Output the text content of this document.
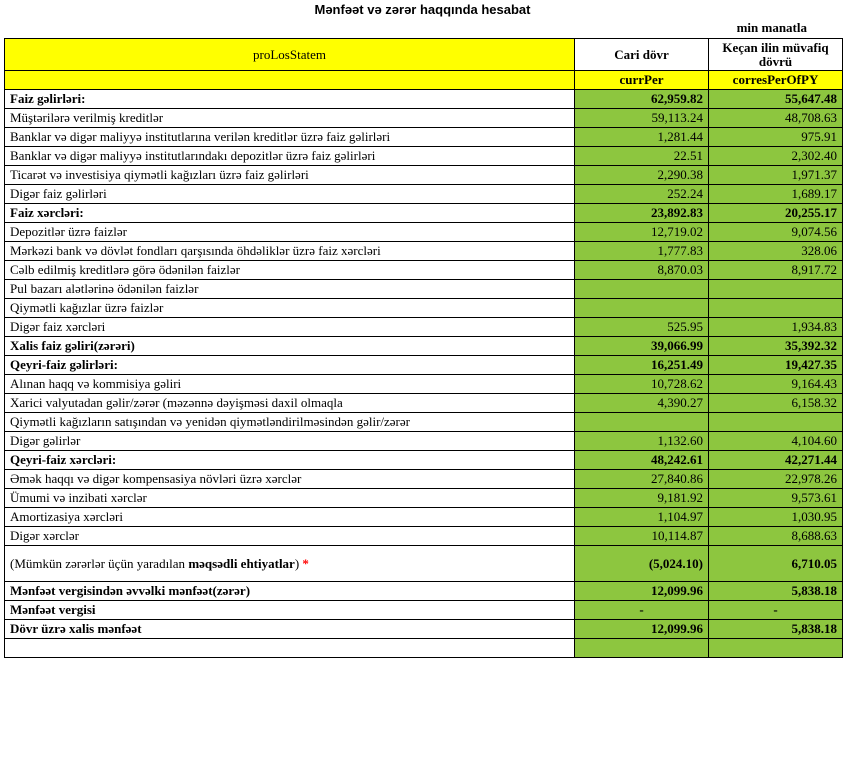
Mənfəət və zərər haqqında hesabat
min manatla
proLosStatem	Cari dövr	Keçan ilin müvafiq dövrü
	currPer	corresPerOfPY
Faiz gəlirləri:	62,959.82	55,647.48
Müştərilərə verilmiş kreditlər	59,113.24	48,708.63
Banklar və digər maliyyə institutlarına verilən kreditlər üzrə faiz gəlirləri	1,281.44	975.91
Banklar və digər maliyyə institutlarındakı depozitlər üzrə faiz gəlirləri	22.51	2,302.40
Ticarət və investisiya qiymətli kağızları üzrə faiz gəlirləri	2,290.38	1,971.37
Digər faiz gəlirləri	252.24	1,689.17
Faiz xərcləri:	23,892.83	20,255.17
Depozitlər üzrə faizlər	12,719.02	9,074.56
Mərkəzi bank və dövlət fondları qarşısında öhdəliklər üzrə faiz xərcləri	1,777.83	328.06
Cəlb edilmiş kreditlərə görə ödənilən faizlər	8,870.03	8,917.72
Pul bazarı alətlərinə ödənilən faizlər		
Qiymətli kağızlar üzrə faizlər		
Digər faiz xərcləri	525.95	1,934.83
Xalis faiz gəliri(zərəri)	39,066.99	35,392.32
Qeyri-faiz gəlirləri:	16,251.49	19,427.35
Alınan haqq və kommisiya gəliri	10,728.62	9,164.43
Xarici valyutadan gəlir/zərər (məzənnə dəyişməsi daxil olmaqla	4,390.27	6,158.32
Qiymətli kağızların satışından və yenidən qiymətləndirilməsindən gəlir/zərər		
Digər gəlirlər	1,132.60	4,104.60
Qeyri-faiz xərcləri:	48,242.61	42,271.44
Əmək haqqı və digər kompensasiya növləri üzrə xərclər	27,840.86	22,978.26
Ümumi və inzibati xərclər	9,181.92	9,573.61
Amortizasiya xərcləri	1,104.97	1,030.95
Digər xərclər	10,114.87	8,688.63
(Mümkün zərərlər üçün yaradılan məqsədli ehtiyatlar) *	(5,024.10)	6,710.05
Mənfəət vergisindən əvvəlki mənfəət(zərər)	12,099.96	5,838.18
Mənfəət vergisi	-	-
Dövr üzrə xalis mənfəət	12,099.96	5,838.18
